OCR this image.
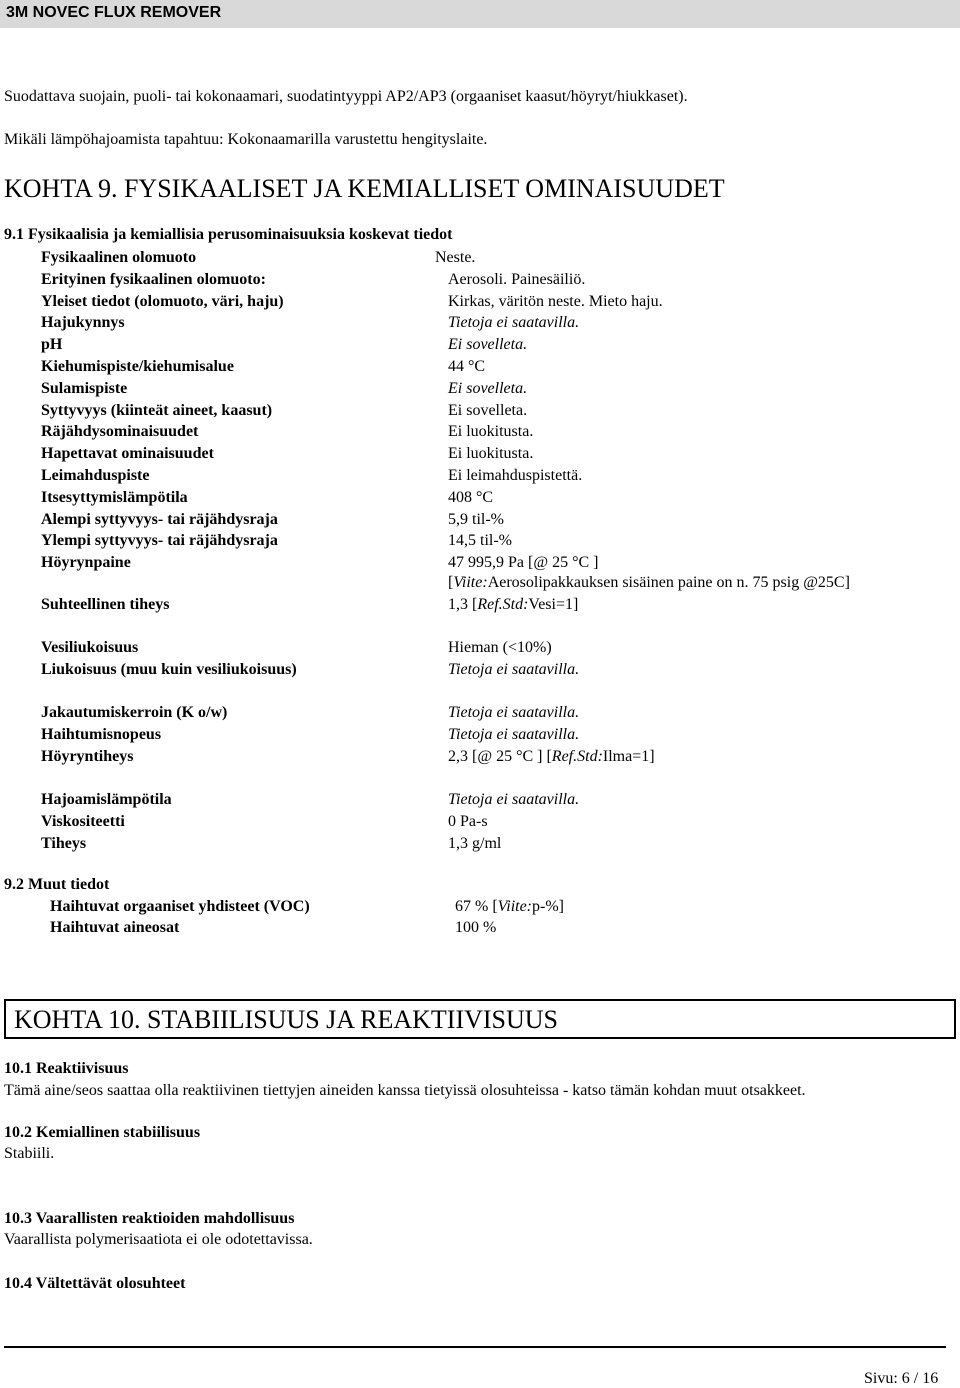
3M NOVEC FLUX REMOVER
Suodattava suojain, puoli- tai kokonaamari, suodatintyyppi AP2/AP3 (orgaaniset kaasut/höyryt/hiukkaset).
Mikäli lämpöhajoamista tapahtuu: Kokonaamarilla varustettu hengityslaite.
KOHTA 9. FYSIKAALISET JA KEMIALLISET OMINAISUUDET
9.1 Fysikaalisia ja kemiallisia perusominaisuuksia koskevat tiedot
Fysikaalinen olomuoto	Neste.
Erityinen fysikaalinen olomuoto:	Aerosoli. Painesäiliö.
Yleiset tiedot (olomuoto, väri, haju)	Kirkas, väritön neste. Mieto haju.
Hajukynnys	Tietoja ei saatavilla.
pH	Ei sovelleta.
Kiehumispiste/kiehumisalue	44 °C
Sulamispiste	Ei sovelleta.
Syttyvyys (kiinteät aineet, kaasut)	Ei sovelleta.
Räjähdysominaisuudet	Ei luokitusta.
Hapettavat ominaisuudet	Ei luokitusta.
Leimahduspiste	Ei leimahduspistettä.
Itsesyttymislämpötila	408 °C
Alempi syttyvyys- tai räjähdysraja	5,9 til-%
Ylempi syttyvyys- tai räjähdysraja	14,5 til-%
Höyrynpaine	47 995,9 Pa [@ 25 °C ]
[Viite:Aerosolipakkauksen sisäinen paine on n. 75 psig @25C]
Suhteellinen tiheys	1,3 [Ref.Std:Vesi=1]
Vesiliukoisuus	Hieman (<10%)
Liukoisuus (muu kuin vesiliukoisuus)	Tietoja ei saatavilla.
Jakautumiskerroin (K o/w)	Tietoja ei saatavilla.
Haihtumisnopeus	Tietoja ei saatavilla.
Höyryntiheys	2,3 [@ 25 °C ] [Ref.Std:Ilma=1]
Hajoamislämpötila	Tietoja ei saatavilla.
Viskositeetti	0 Pa-s
Tiheys	1,3 g/ml
9.2 Muut tiedot
Haihtuvat orgaaniset yhdisteet (VOC)	67 % [Viite:p-%]
Haihtuvat aineosat	100 %
KOHTA 10. STABIILISUUS JA REAKTIIVISUUS
10.1 Reaktiivisuus
Tämä aine/seos saattaa olla reaktiivinen tiettyjen aineiden kanssa tietyissä olosuhteissa - katso tämän kohdan muut otsakkeet.
10.2 Kemiallinen stabiilisuus
Stabiili.
10.3 Vaarallisten reaktioiden mahdollisuus
Vaarallista polymerisaatiota ei ole odotettavissa.
10.4 Vältettävät olosuhteet
Sivu: 6 / 16
